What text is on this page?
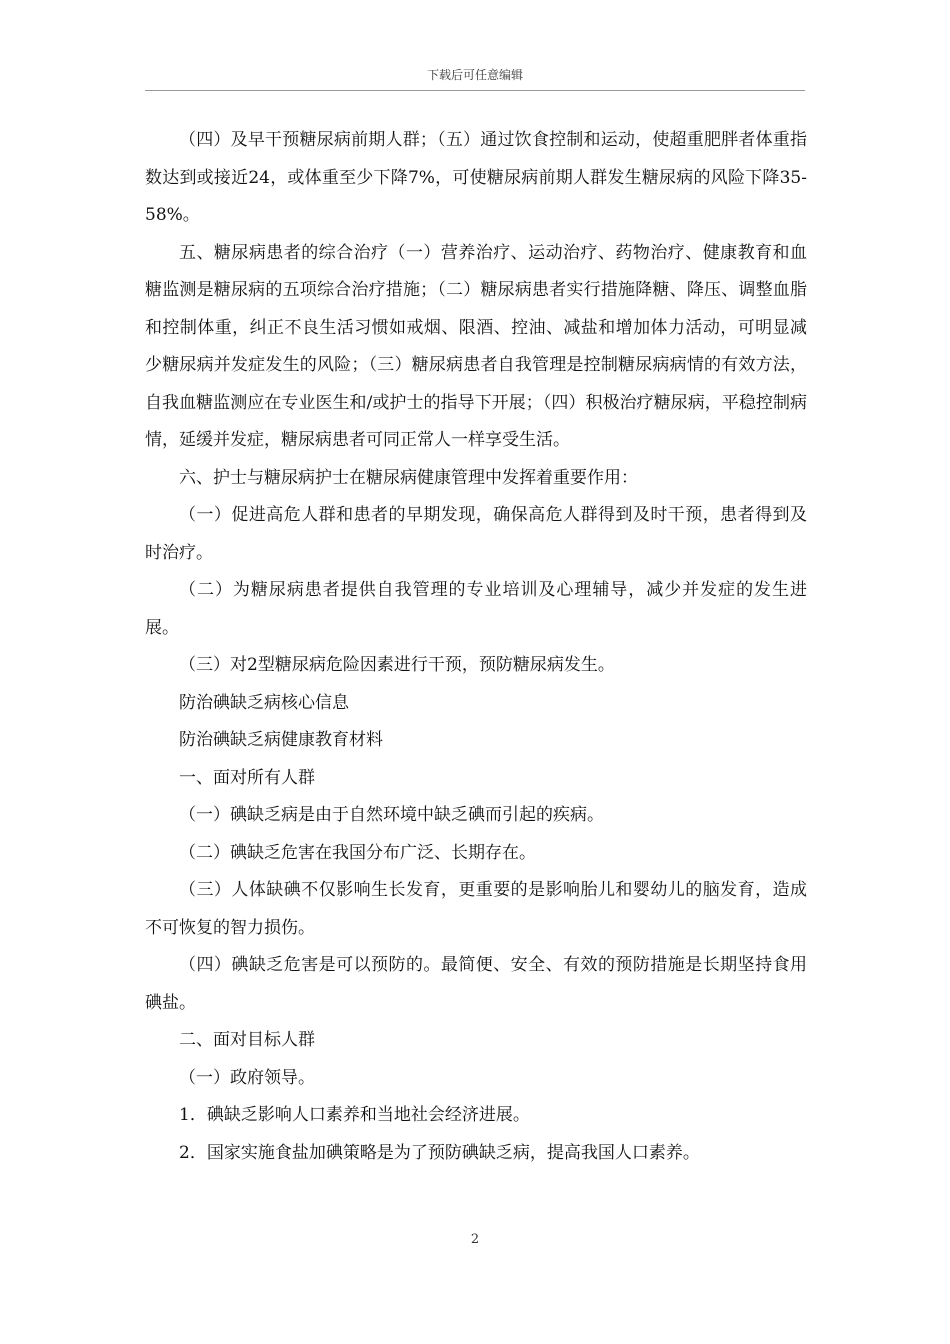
下载后可任意编辑

（四）及早干预糖尿病前期人群；（五）通过饮食控制和运动，使超重肥胖者体重指数达到或接近24，或体重至少下降7%，可使糖尿病前期人群发生糖尿病的风险下降35-58%。

五、糖尿病患者的综合治疗（一）营养治疗、运动治疗、药物治疗、健康教育和血糖监测是糖尿病的五项综合治疗措施；（二）糖尿病患者实行措施降糖、降压、调整血脂和控制体重，纠正不良生活习惯如戒烟、限酒、控油、减盐和增加体力活动，可明显减少糖尿病并发症发生的风险；（三）糖尿病患者自我管理是控制糖尿病病情的有效方法，自我血糖监测应在专业医生和/或护士的指导下开展；（四）积极治疗糖尿病，平稳控制病情，延缓并发症，糖尿病患者可同正常人一样享受生活。

六、护士与糖尿病护士在糖尿病健康管理中发挥着重要作用：

（一）促进高危人群和患者的早期发现，确保高危人群得到及时干预，患者得到及时治疗。

（二）为糖尿病患者提供自我管理的专业培训及心理辅导，减少并发症的发生进展。

（三）对2型糖尿病危险因素进行干预，预防糖尿病发生。

防治碘缺乏病核心信息

防治碘缺乏病健康教育材料

一、面对所有人群

（一）碘缺乏病是由于自然环境中缺乏碘而引起的疾病。

（二）碘缺乏危害在我国分布广泛、长期存在。

（三）人体缺碘不仅影响生长发育，更重要的是影响胎儿和婴幼儿的脑发育，造成不可恢复的智力损伤。

（四）碘缺乏危害是可以预防的。最简便、安全、有效的预防措施是长期坚持食用碘盐。

二、面对目标人群

（一）政府领导。

1．碘缺乏影响人口素养和当地社会经济进展。

2．国家实施食盐加碘策略是为了预防碘缺乏病，提高我国人口素养。

2
